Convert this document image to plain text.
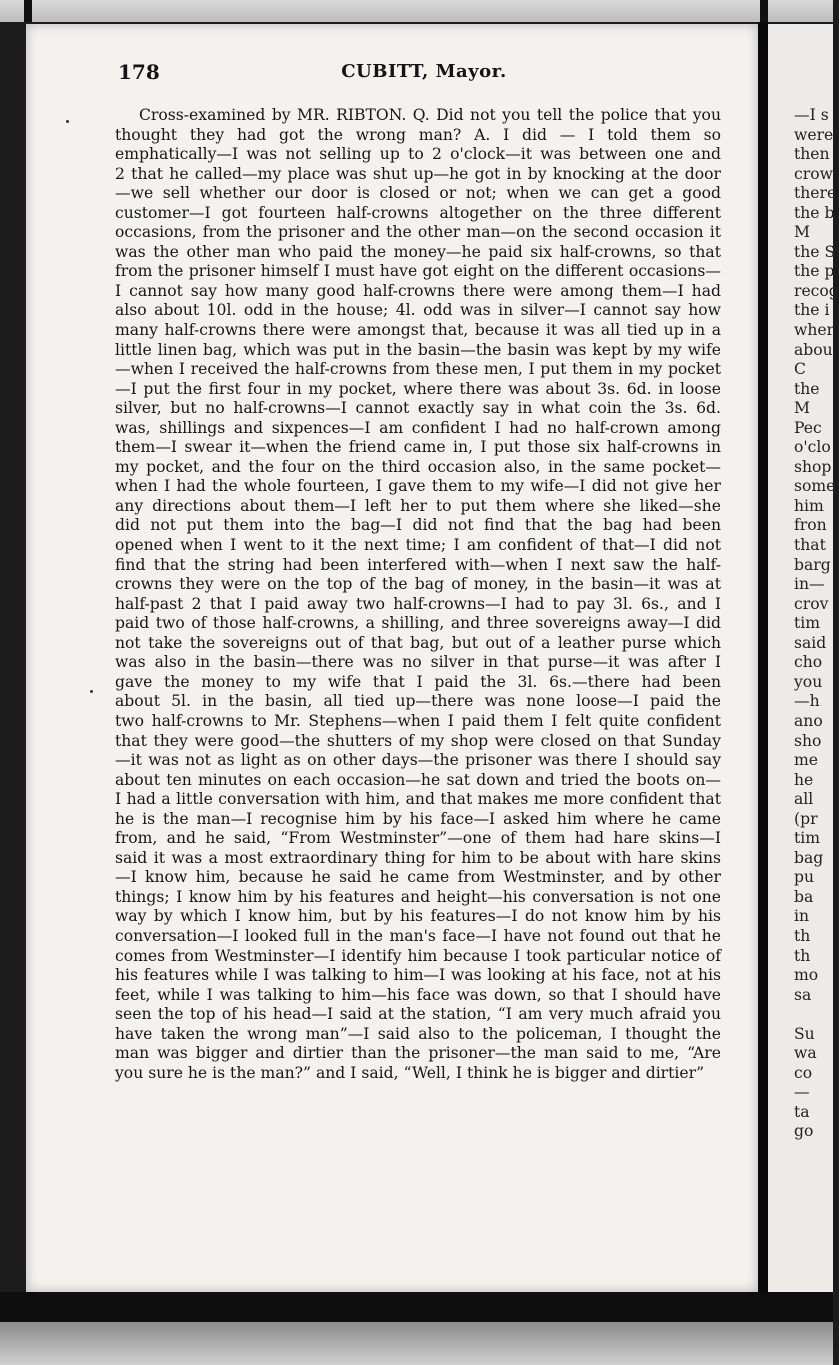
—I s
were
then
crow
there
the b
M
the S
the p
recog
the i
wher
abou
C
the
M
Pec
o'clo
shop
some
him
fron
that
barg
in—
crov
tim
said
cho
you
—h
ano
sho
me
he
all
(pr
tim
bag
pu
ba
in
th
th
mo
sa
Su
wa
co
—
ta
go
178	CUBITT, Mayor.
Cross-examined by MR. RIBTON. Q. Did not you tell the police that you
thought they had got the wrong man? A. I did — I told them so
emphatically—I was not selling up to 2 o'clock—it was between one and
2 that he called—my place was shut up—he got in by knocking at the door
—we sell whether our door is closed or not; when we can get a good
customer—I got fourteen half-crowns altogether on the three different
occasions, from the prisoner and the other man—on the second occasion it
was the other man who paid the money—he paid six half-crowns, so that
from the prisoner himself I must have got eight on the different occasions—
I cannot say how many good half-crowns there were among them—I had
also about 10l. odd in the house; 4l. odd was in silver—I cannot say how
many half-crowns there were amongst that, because it was all tied up in a
little linen bag, which was put in the basin—the basin was kept by my wife
—when I received the half-crowns from these men, I put them in my pocket
—I put the first four in my pocket, where there was about 3s. 6d. in loose
silver, but no half-crowns—I cannot exactly say in what coin the 3s. 6d.
was, shillings and sixpences—I am confident I had no half-crown among
them—I swear it—when the friend came in, I put those six half-crowns in
my pocket, and the four on the third occasion also, in the same pocket—
when I had the whole fourteen, I gave them to my wife—I did not give her
any directions about them—I left her to put them where she liked—she
did not put them into the bag—I did not find that the bag had been
opened when I went to it the next time; I am confident of that—I did not
find that the string had been interfered with—when I next saw the half-
crowns they were on the top of the bag of money, in the basin—it was at
half-past 2 that I paid away two half-crowns—I had to pay 3l. 6s., and I
paid two of those half-crowns, a shilling, and three sovereigns away—I did
not take the sovereigns out of that bag, but out of a leather purse which
was also in the basin—there was no silver in that purse—it was after I
gave the money to my wife that I paid the 3l. 6s.—there had been
about 5l. in the basin, all tied up—there was none loose—I paid the
two half-crowns to Mr. Stephens—when I paid them I felt quite confident
that they were good—the shutters of my shop were closed on that Sunday
—it was not as light as on other days—the prisoner was there I should say
about ten minutes on each occasion—he sat down and tried the boots on—
I had a little conversation with him, and that makes me more confident that
he is the man—I recognise him by his face—I asked him where he came
from, and he said, “From Westminster”—one of them had hare skins—I
said it was a most extraordinary thing for him to be about with hare skins
—I know him, because he said he came from Westminster, and by other
things; I know him by his features and height—his conversation is not one
way by which I know him, but by his features—I do not know him by his
conversation—I looked full in the man's face—I have not found out that he
comes from Westminster—I identify him because I took particular notice of
his features while I was talking to him—I was looking at his face, not at his
feet, while I was talking to him—his face was down, so that I should have
seen the top of his head—I said at the station, “I am very much afraid you
have taken the wrong man”—I said also to the policeman, I thought the
man was bigger and dirtier than the prisoner—the man said to me, “Are
you sure he is the man?” and I said, “Well, I think he is bigger and dirtier”
